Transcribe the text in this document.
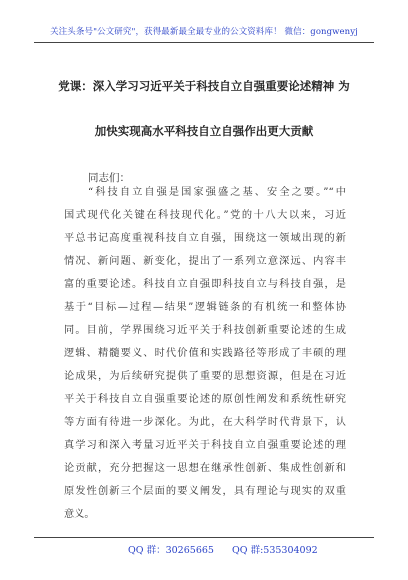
关注头条号"公文研究"，获得最新最全最专业的公文资料库！ 微信：gongwenyj
党课：深入学习习近平关于科技自立自强重要论述精神 为
加快实现高水平科技自立自强作出更大贡献
同志们：
“科技自立自强是国家强盛之基、安全之要。”“中
国式现代化关键在科技现代化。”党的十八大以来，习近
平总书记高度重视科技自立自强，围绕这一领域出现的新
情况、新问题、新变化，提出了一系列立意深远、内容丰
富的重要论述。科技自立自强即科技自立与科技自强，是
基于“目标—过程—结果”逻辑链条的有机统一和整体协
同。目前，学界围绕习近平关于科技创新重要论述的生成
逻辑、精髓要义、时代价值和实践路径等形成了丰硕的理
论成果，为后续研究提供了重要的思想资源，但是在习近
平关于科技自立自强重要论述的原创性阐发和系统性研究
等方面有待进一步深化。为此，在大科学时代背景下，认
真学习和深入考量习近平关于科技自立自强重要论述的理
论贡献，充分把握这一思想在继承性创新、集成性创新和
原发性创新三个层面的要义阐发，具有理论与现实的双重
意义。
QQ 群：30265665 QQ 群:535304092
